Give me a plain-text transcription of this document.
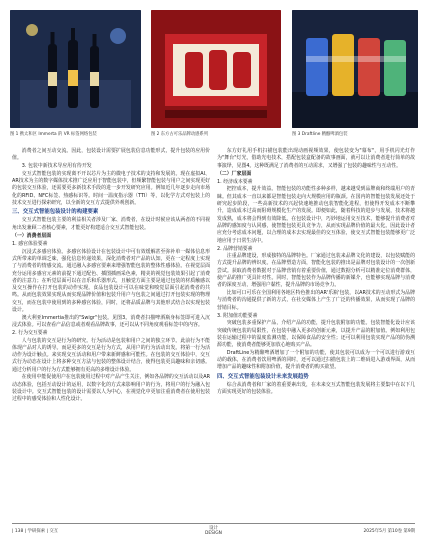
图 1 携太和区 Immerta 的 VR 标签网络包装	图 2 东方古可乐品牌动感系列	图 3 Draftline 精酿啤酒包装

消费者之间互动交流。因此，包装设计需要扩展包装信息功能形式，提升包装的应用价值。

3. 包装中新技术导应用有待开发

交互式智能包装的实现离不开以芯片为主的微电子技术的支持和发展的。现在虚拟AI、AR技术为主的数字媒体技术推广泛应用于智能包装中，但频繁智能包装与用户之间实现更好的包装交互体验，还需要更多新技术手段的进一步开发研究应用。例如近几年逐步走向市场化的RFID、NFC标签、热感标识等。时间一温度指示器（TTI）等，以化学方式对包装上的技术交互进行探索研究，以全新的交互方式提供外观创新。

三、交互式智能包装设计的构建要素

交互式智能包装主要的利益相关者涉及厂家、消费者，在设计时候应该从两者的不同视角出发兼顾二者核心要素，才能更好构建适合交互式智能包装。

（一）消费者层面

1. 感官体验要素

沉浸式多感官体验。多感官体验设计在包装设计中可有效缓解甚至弥补单一媒体信息形式所带来的单调乏味，强化信息传递效果，深化消费者对产品的认知，更在一定程度上实现了与消费者的情感交流。通过融入多感官要素来增强智能包装的整体性感体验。在视觉层面充分运用多感官元素的前提下通过配色、插图插画采色素，精美的视觉包装效果引起了消费者的注意力；在听觉层面可以在音乐和乐器形式，且触觉方面主要是通过包装的材质触感以及交互操作在打开包装的动作实现。食品包装设计可以在味觉和嗅觉层面引起消费者的共鸣。从而包装效果实现从而实现品牌价值和包装升用户与包装之间通过打开包装实现的物理交互，而在包装中使用到的多种感官体验，同时，还将品质品牌与其他形式结合以实现包装设计。

澳大利亚Immertia推出的"Swigr"包装。见图3。消费者扫描啤酒瓶身标签即可进入沉浸式体验。可以查看产品信息或者观看品牌故事，还可以从不同角度观看标签中的内容。

2. 行为交互要素

人与包装的交互是行为的研究。行为活动是包装和用户之间的独立环节。此前行为不能体现产品对人的诱导。而是更多的交互是行为方式，从用户的行为活动出发。将第一行为活动作为设计触点。来实现交互活动和用户带来新鲜感和可能性。在包装的交互体验中，交互式行为动态在设计上将多种交互方法与包装的整体设计结合，使得包装更具趣味和亲切感。通过分析用户的行为方式能够拥有更高的多维设计体验。

在使用中能促使用户在包装使用过程中对产品产生关注，例如各品牌的交互活动以及AR动态体验，包括互动设计的运用，以数字化的方式来影响用户的行为，将用户的行为融入包装设计中。交互式智能包装的设计需要以人为中心，在视觉化中更加注重消费者在使用包装过程中的感受体验和人性化设计。

东方好礼用手机扫描包装能出现动画视频效果，使包装变为"幕布"，用手机闪光灯作为"舞台"灯光，借助光电技术，搭配包装盒配备的故事画面，就可以让消费者进行简单的故事演绎，见图4。这种既满足了消费者的互动需求，又增强了包装的趣味性与互动性。

（二）厂家层面

1. 经济成本要素

把控成本，提升效益。智能包装的功能性多种多样，越来越受到品牌商和终端用户的青睐。但其成本一直以来都是智能包装走向大规模应用的瓶颈。在国内的智能包装发展还处于研究起步阶段，一些高新技术的兴起快速地推动包装智能化进程，但使得开发成本不断攀升，造成成本过高而阻碍规模化生产的发展。即便如此，随着科技的进步与发展，技术将越发成熟，成本将会得到有效降低。在包装设计中，巧妙地运用交互技术，能够提升消费者对品牌的感知度与认同感，使智能包装更具竞争力，从而实现品牌价值的最大化。因此设计者应充分考虑成本问题，以合理的成本去实现最佳的交互体验，使交互式智能包装能够更广泛地应用于日常生活中。

2. 品牌营销要素

注重品牌建设，形成独特的品牌特色。厂家通过包装来品牌文化的建设，以包装赋能的方式提升品牌的辨识度。在品牌塑造方面，智能化包装的推出是品牌对包装设计的一次创新尝试。获取消费者数据对于品牌营销有着重要价值，通过数据分析可以精准定位消费群体，使产品的推广更具针对性。同时，智能包装作为品牌传播的新媒介，也能够实现品牌与消费者的深度互动，增强用户黏性，提升品牌的市场竞争力。

比如可口可乐在全国利用各地区特色推出的AR'乐瓶'包装，以AR技术的互动形式为品牌与消费者的沟通提供了新的方式，在社交媒体上产生了广泛的传播效果，从而实现了品牌的营销目标。

3. 附加值功能要素

突破包装多重保护产品，介绍产品的功能，提升包装附加的功能。包装智能化设计应该突破传统包装的局限性，在包装中融入更多的创新元素，以提升产品的附加值。例如利用包装在运输过程中的温度监测功能，以保障食品的安全性；还可以利用包装实现产品的防伪溯源功能，使消费者能够更加放心地购买产品。

DraftLine为精酿啤酒增加了一个附加的功能，使其包装可以成为一个可以进行游戏互动的载体，在消费者饮用啤酒的同时，还可以通过扫描包装上的二维码进入游戏界面，从而增加产品的趣味性和附加价值，提升消费者的购买欲望。

四、交互式智能包装设计未来发展趋势

综合从消费者和厂家的着重要素出发，在未来交互式智能包装发展将主要集中在以下几方面实现更好的包装体验。

| 138 | 学研探索 | 交互
设计
DESIGN	2025年5月 第10卷 第9期
